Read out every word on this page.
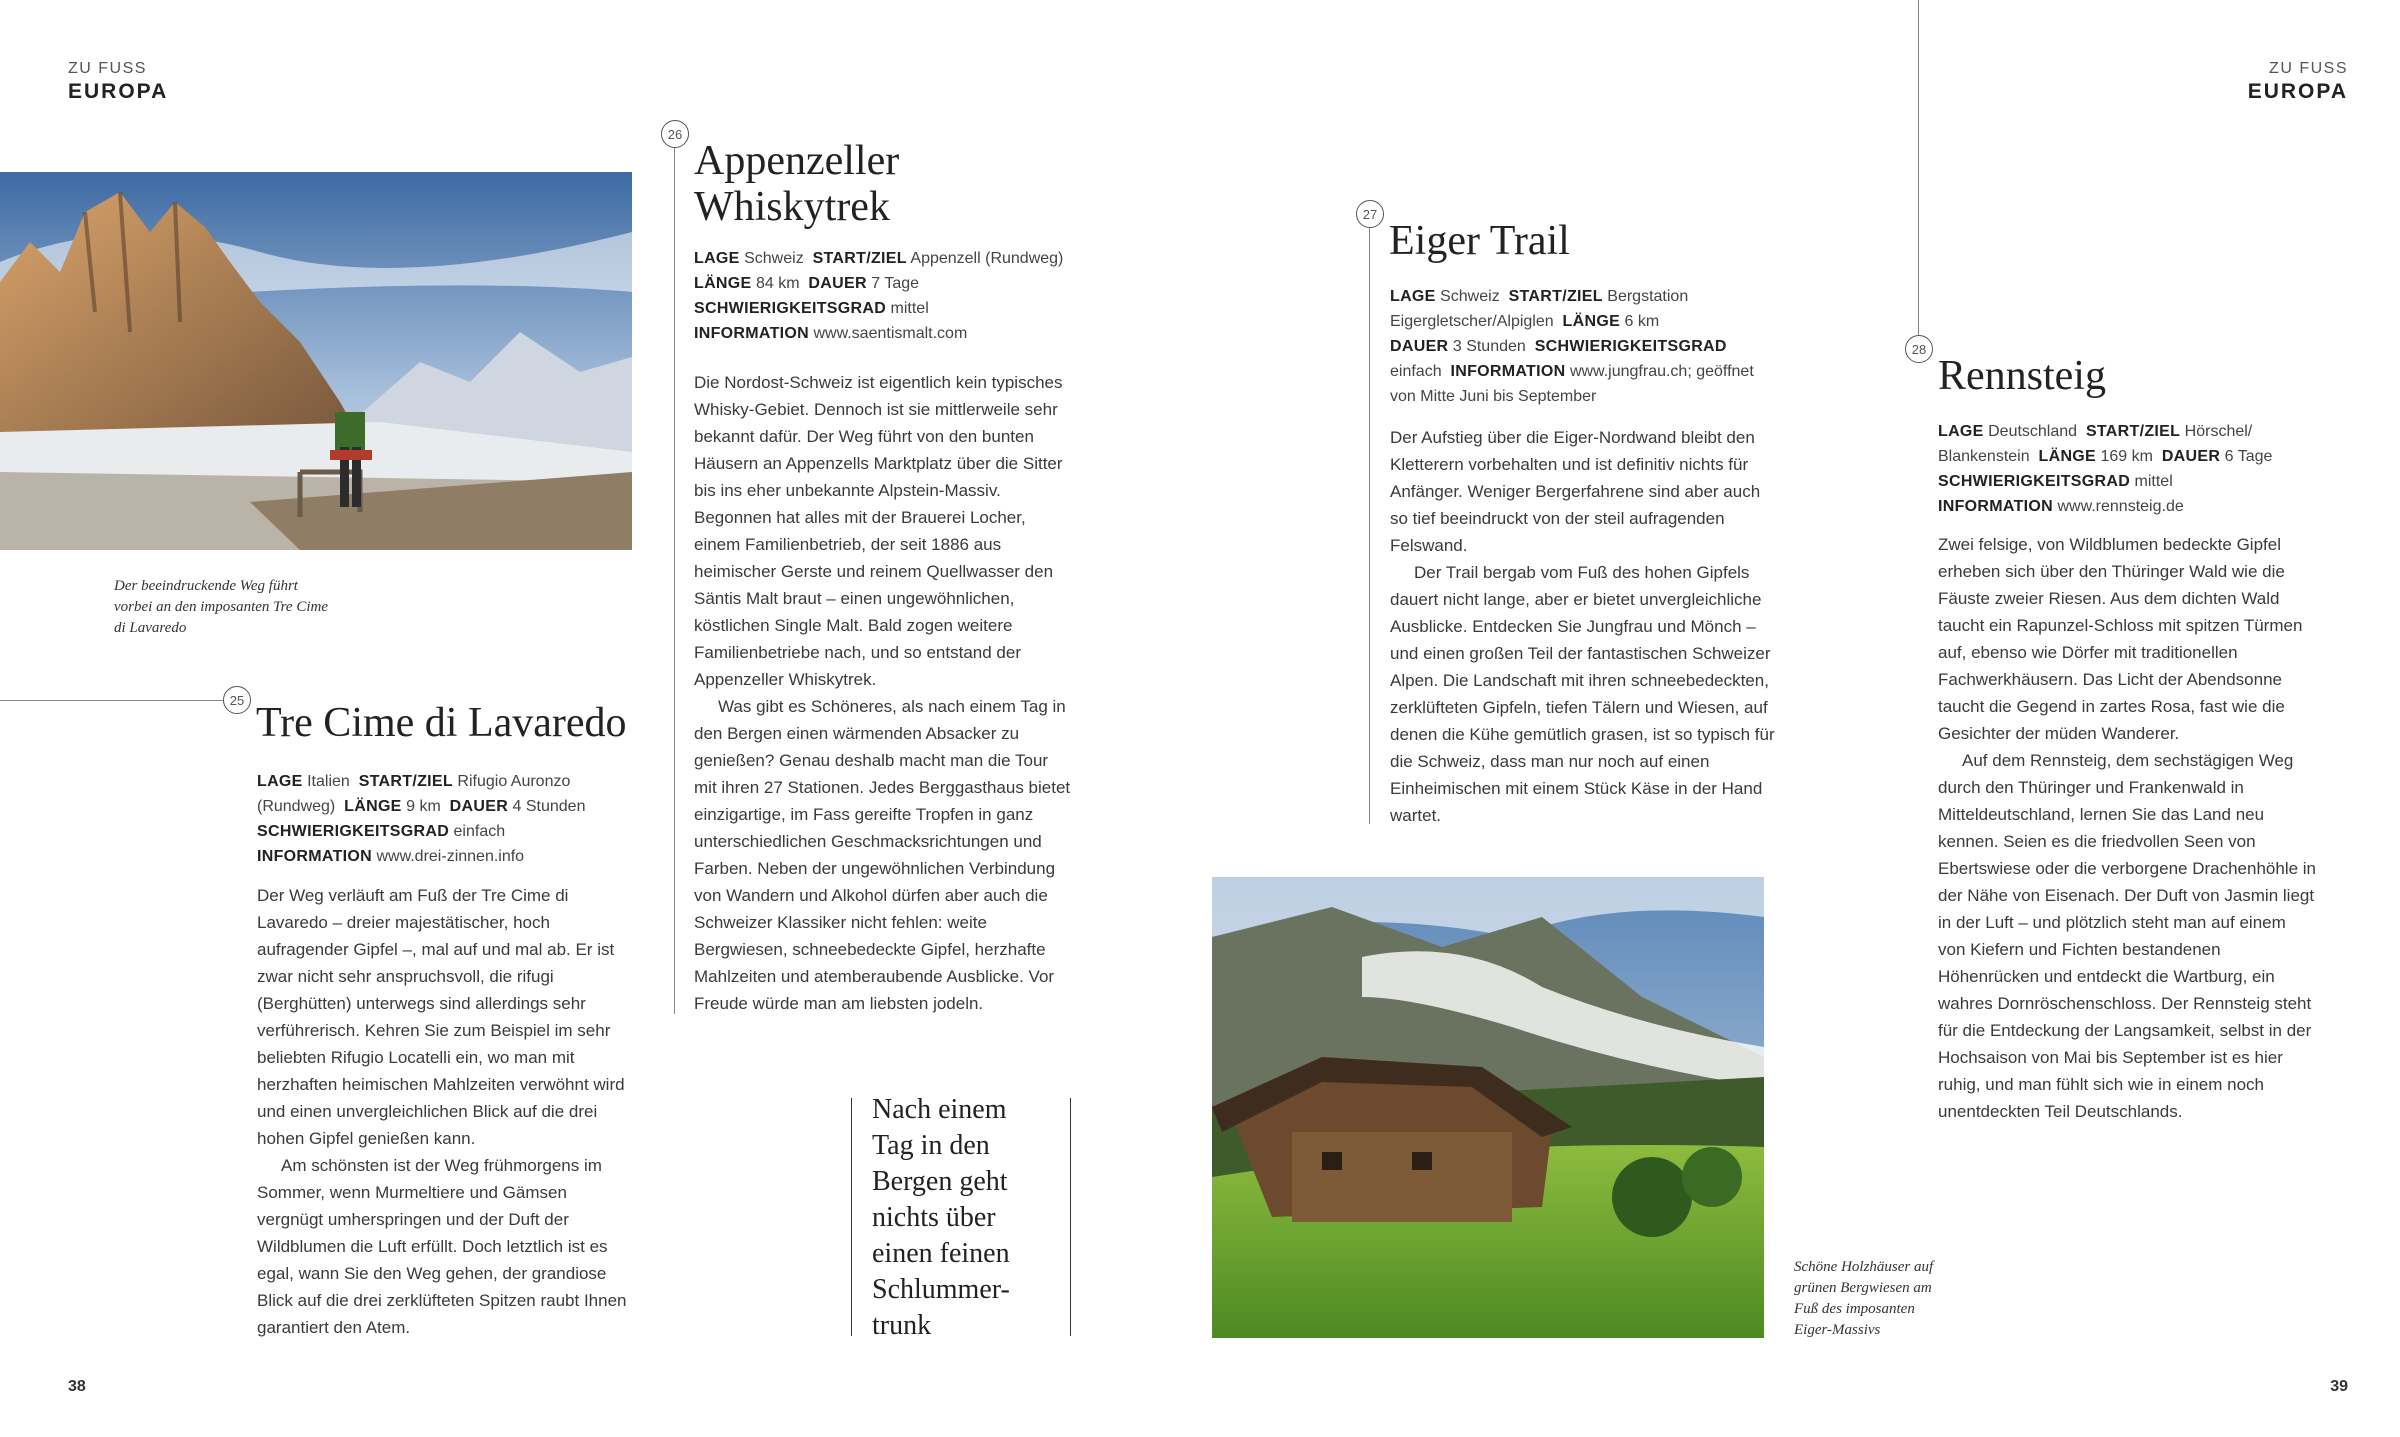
ZU FUSS
EUROPA
ZU FUSS
EUROPA
Der beeindruckende Weg führt vorbei an den imposanten Tre Cime di Lavaredo
25 Tre Cime di Lavaredo
LAGE Italien START/ZIEL Rifugio Auronzo (Rundweg) LÄNGE 9 km DAUER 4 Stunden
SCHWIERIGKEITSGRAD einfach
INFORMATION www.drei-zinnen.info

Der Weg verläuft am Fuß der Tre Cime di Lavaredo – dreier majestätischer, hoch aufragender Gipfel –, mal auf und mal ab. Er ist zwar nicht sehr anspruchsvoll, die rifugi (Berghütten) unterwegs sind allerdings sehr verführerisch. Kehren Sie zum Beispiel im sehr beliebten Rifugio Locatelli ein, wo man mit herzhaften heimischen Mahlzeiten verwöhnt wird und einen unvergleichlichen Blick auf die drei hohen Gipfel genießen kann.

Am schönsten ist der Weg frühmorgens im Sommer, wenn Murmeltiere und Gämsen vergnügt umherspringen und der Duft der Wildblumen die Luft erfüllt. Doch letztlich ist es egal, wann Sie den Weg gehen, der grandiose Blick auf die drei zerklüfteten Spitzen raubt Ihnen garantiert den Atem.

26
Appenzeller Whiskytrek
LAGE Schweiz START/ZIEL Appenzell (Rundweg)
LÄNGE 84 km DAUER 7 Tage
SCHWIERIGKEITSGRAD mittel
INFORMATION www.saentismalt.com

Die Nordost-Schweiz ist eigentlich kein typisches Whisky-Gebiet. Dennoch ist sie mittlerweile sehr bekannt dafür. Der Weg führt von den bunten Häusern an Appenzells Marktplatz über die Sitter bis ins eher unbekannte Alpstein-Massiv. Begonnen hat alles mit der Brauerei Locher, einem Familienbetrieb, der seit 1886 aus heimischer Gerste und reinem Quellwasser den Säntis Malt braut – einen ungewöhnlichen, köstlichen Single Malt. Bald zogen weitere Familienbetriebe nach, und so entstand der Appenzeller Whiskytrek.

Was gibt es Schöneres, als nach einem Tag in den Bergen einen wärmenden Absacker zu genießen? Genau deshalb macht man die Tour mit ihren 27 Stationen. Jedes Berggasthaus bietet einzigartige, im Fass gereifte Tropfen in ganz unterschiedlichen Geschmacksrichtungen und Farben. Neben der ungewöhnlichen Verbindung von Wandern und Alkohol dürfen aber auch die Schweizer Klassiker nicht fehlen: weite Bergwiesen, schneebedeckte Gipfel, herzhafte Mahlzeiten und atemberaubende Ausblicke. Vor Freude würde man am liebsten jodeln.

Nach einem
Tag in den
Bergen geht
nichts über
einen feinen
Schlummer-
trunk
27
Eiger Trail
LAGE Schweiz START/ZIEL Bergstation Eigergletscher/Alpiglen LÄNGE 6 km
DAUER 3 Stunden SCHWIERIGKEITSGRAD einfach INFORMATION www.jungfrau.ch; geöffnet von Mitte Juni bis September

Der Aufstieg über die Eiger-Nordwand bleibt den Kletterern vorbehalten und ist definitiv nichts für Anfänger. Weniger Bergerfahrene sind aber auch so tief beeindruckt von der steil aufragenden Felswand.

Der Trail bergab vom Fuß des hohen Gipfels dauert nicht lange, aber er bietet unvergleichliche Ausblicke. Entdecken Sie Jungfrau und Mönch – und einen großen Teil der fantastischen Schweizer Alpen. Die Landschaft mit ihren schneebedeckten, zerklüfteten Gipfeln, tiefen Tälern und Wiesen, auf denen die Kühe gemütlich grasen, ist so typisch für die Schweiz, dass man nur noch auf einen Einheimischen mit einem Stück Käse in der Hand wartet.

Schöne Holzhäuser auf grünen Bergwiesen am Fuß des imposanten Eiger-Massivs
28
Rennsteig
LAGE Deutschland START/ZIEL Hörschel/ Blankenstein LÄNGE 169 km DAUER 6 Tage
SCHWIERIGKEITSGRAD mittel
INFORMATION www.rennsteig.de

Zwei felsige, von Wildblumen bedeckte Gipfel erheben sich über den Thüringer Wald wie die Fäuste zweier Riesen. Aus dem dichten Wald taucht ein Rapunzel-Schloss mit spitzen Türmen auf, ebenso wie Dörfer mit traditionellen Fachwerkhäusern. Das Licht der Abendsonne taucht die Gegend in zartes Rosa, fast wie die Gesichter der müden Wanderer.

Auf dem Rennsteig, dem sechstägigen Weg durch den Thüringer und Frankenwald in Mitteldeutschland, lernen Sie das Land neu kennen. Seien es die friedvollen Seen von Ebertswiese oder die verborgene Drachenhöhle in der Nähe von Eisenach. Der Duft von Jasmin liegt in der Luft – und plötzlich steht man auf einem von Kiefern und Fichten bestandenen Höhenrücken und entdeckt die Wartburg, ein wahres Dornröschenschloss. Der Rennsteig steht für die Entdeckung der Langsamkeit, selbst in der Hochsaison von Mai bis September ist es hier ruhig, und man fühlt sich wie in einem noch unentdeckten Teil Deutschlands.

38	39
